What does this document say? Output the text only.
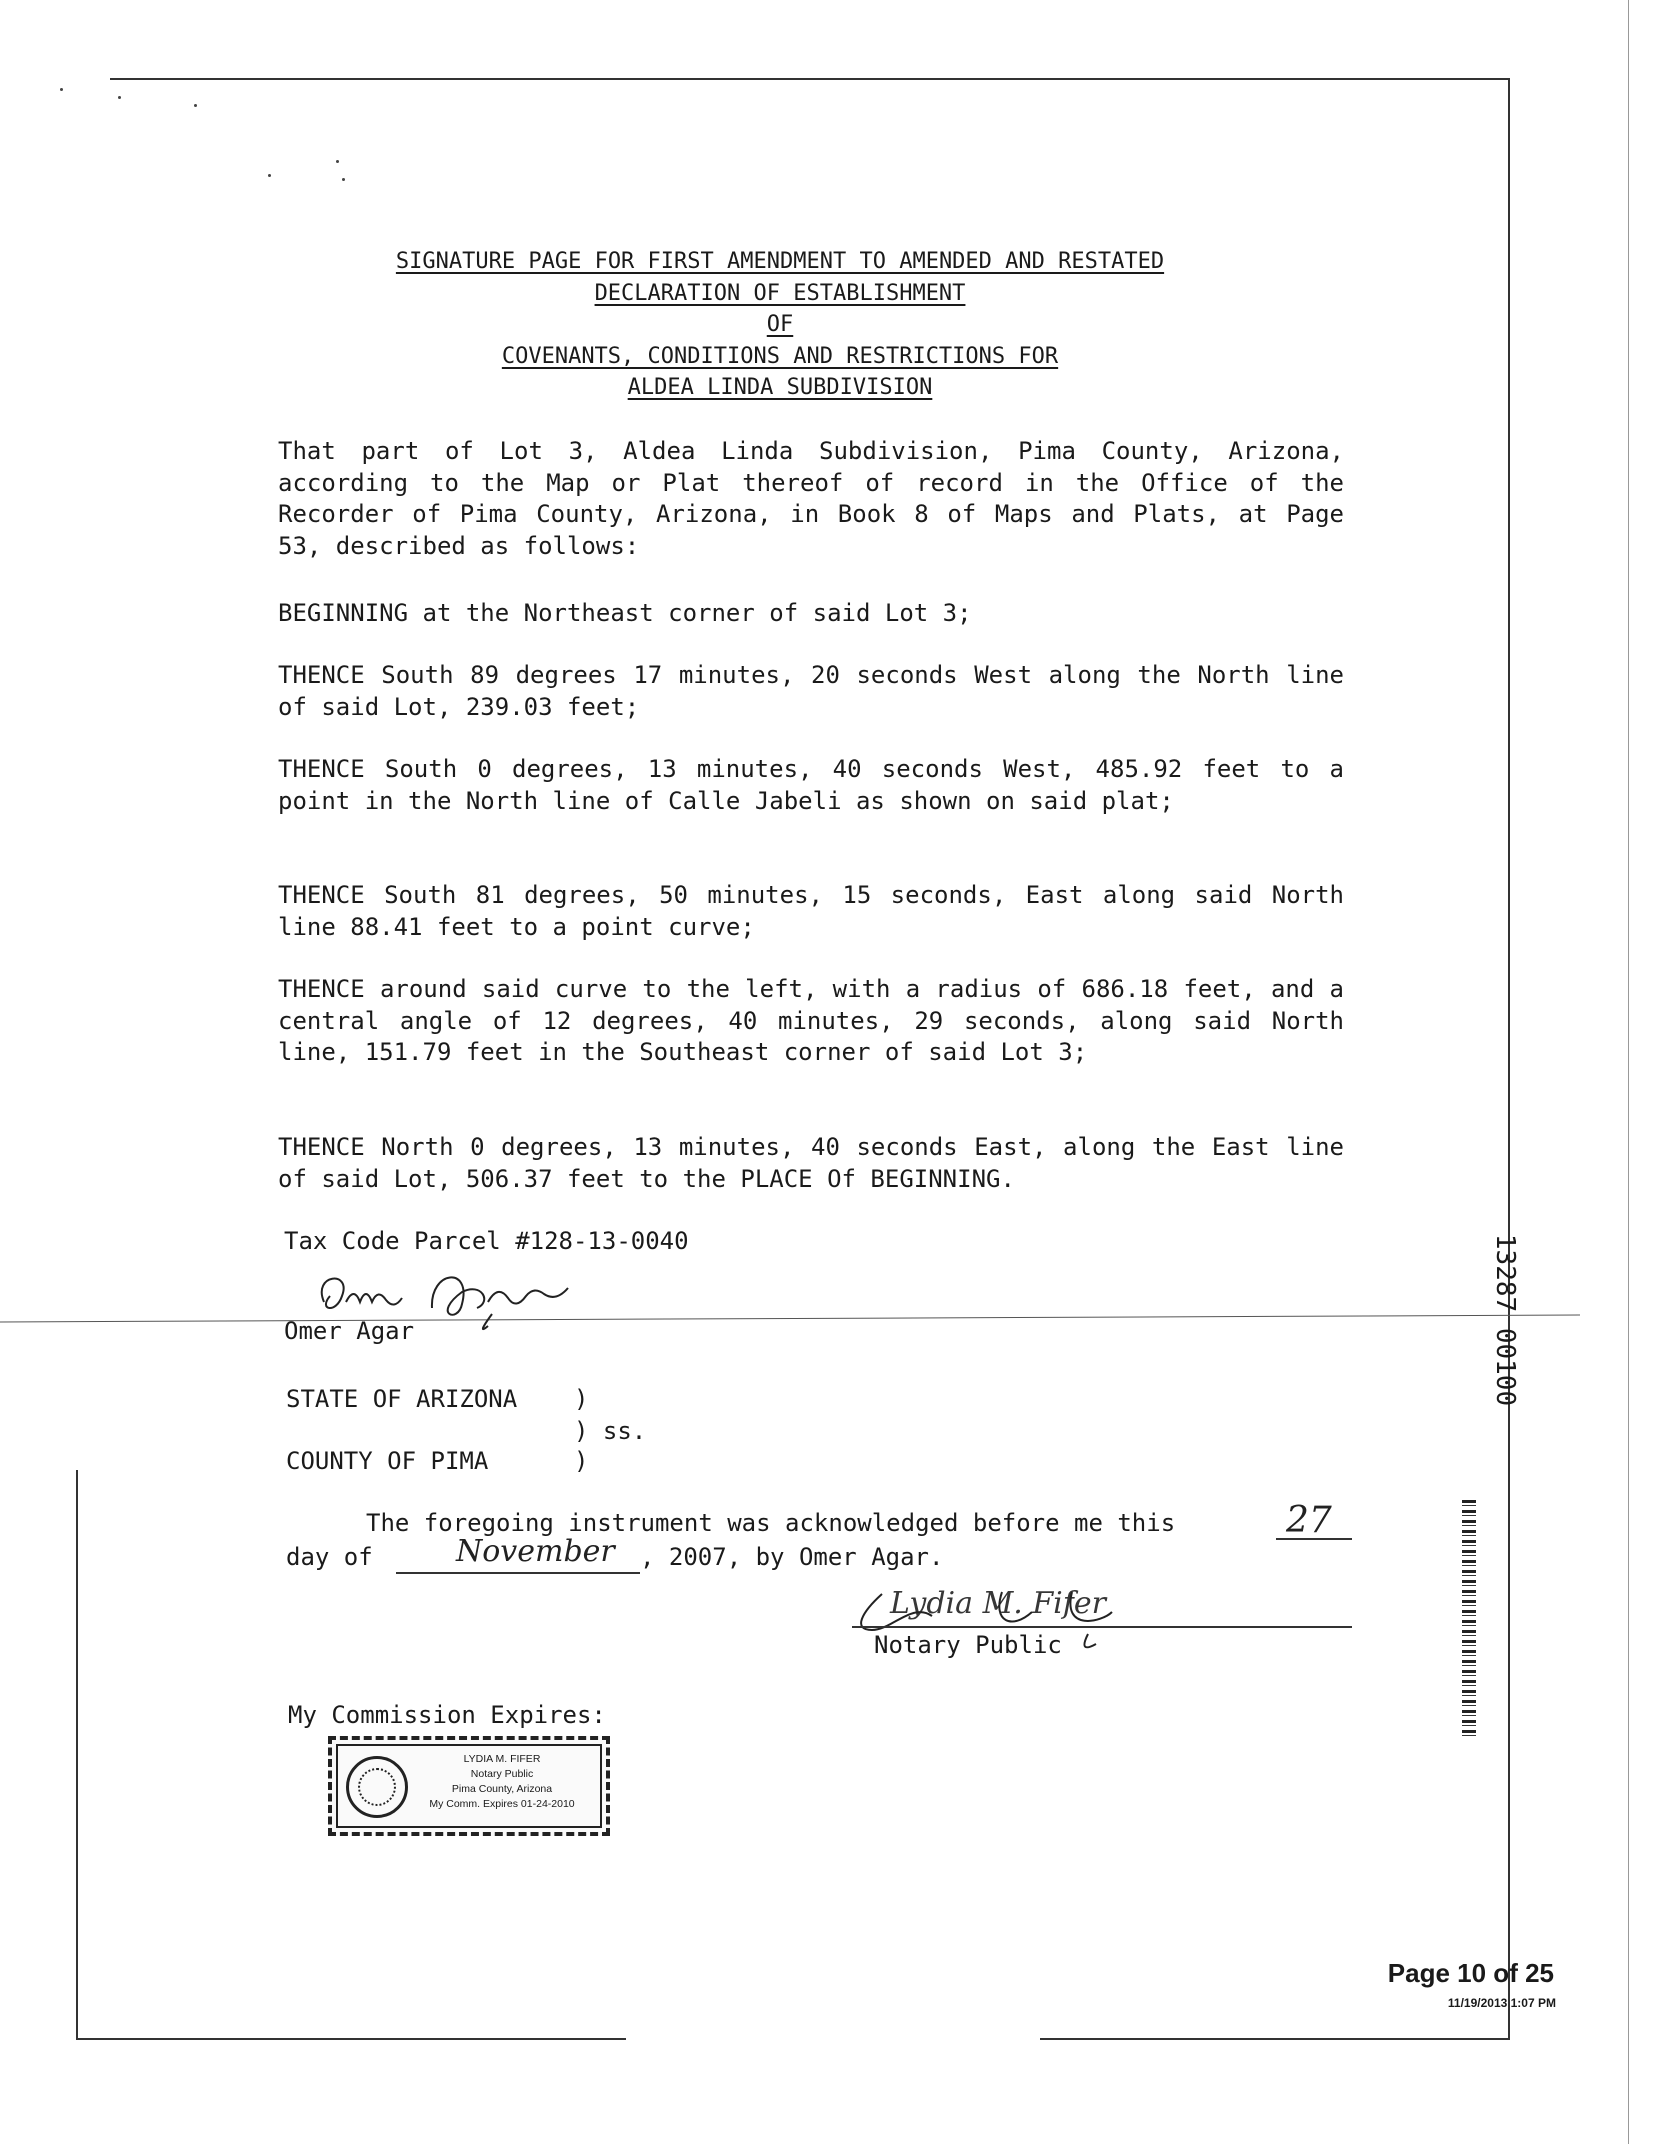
SIGNATURE PAGE FOR FIRST AMENDMENT TO AMENDED AND RESTATED
DECLARATION OF ESTABLISHMENT
OF
COVENANTS, CONDITIONS AND RESTRICTIONS FOR
ALDEA LINDA SUBDIVISION

That part of Lot 3, Aldea Linda Subdivision, Pima County, Arizona, according to the Map or Plat thereof of record in the Office of the Recorder of Pima County, Arizona, in Book 8 of Maps and Plats, at Page 53, described as follows:

BEGINNING at the Northeast corner of said Lot 3;

THENCE South 89 degrees 17 minutes, 20 seconds West along the North line of said Lot, 239.03 feet;

THENCE South 0 degrees, 13 minutes, 40 seconds West, 485.92 feet to a point in the North line of Calle Jabeli as shown on said plat;

THENCE South 81 degrees, 50 minutes, 15 seconds, East along said North line 88.41 feet to a point curve;

THENCE around said curve to the left, with a radius of 686.18 feet, and a central angle of 12 degrees, 40 minutes, 29 seconds, along said North line, 151.79 feet in the Southeast corner of said Lot 3;

THENCE North 0 degrees, 13 minutes, 40 seconds East, along the East line of said Lot, 506.37 feet to the PLACE Of BEGINNING.

Tax Code Parcel #128-13-0040
Omer Agar
STATE OF ARIZONA )
) ss.
COUNTY OF PIMA	)
The foregoing instrument was acknowledged before me this	27
day of	November , 2007, by Omer Agar.
Lydia M. Fifer
Notary Public
My Commission Expires:
LYDIA M. FIFER
Notary Public
Pima County, Arizona
My Comm. Expires 01-24-2010
13287 00100
Page 10 of 25
11/19/2013 1:07 PM
